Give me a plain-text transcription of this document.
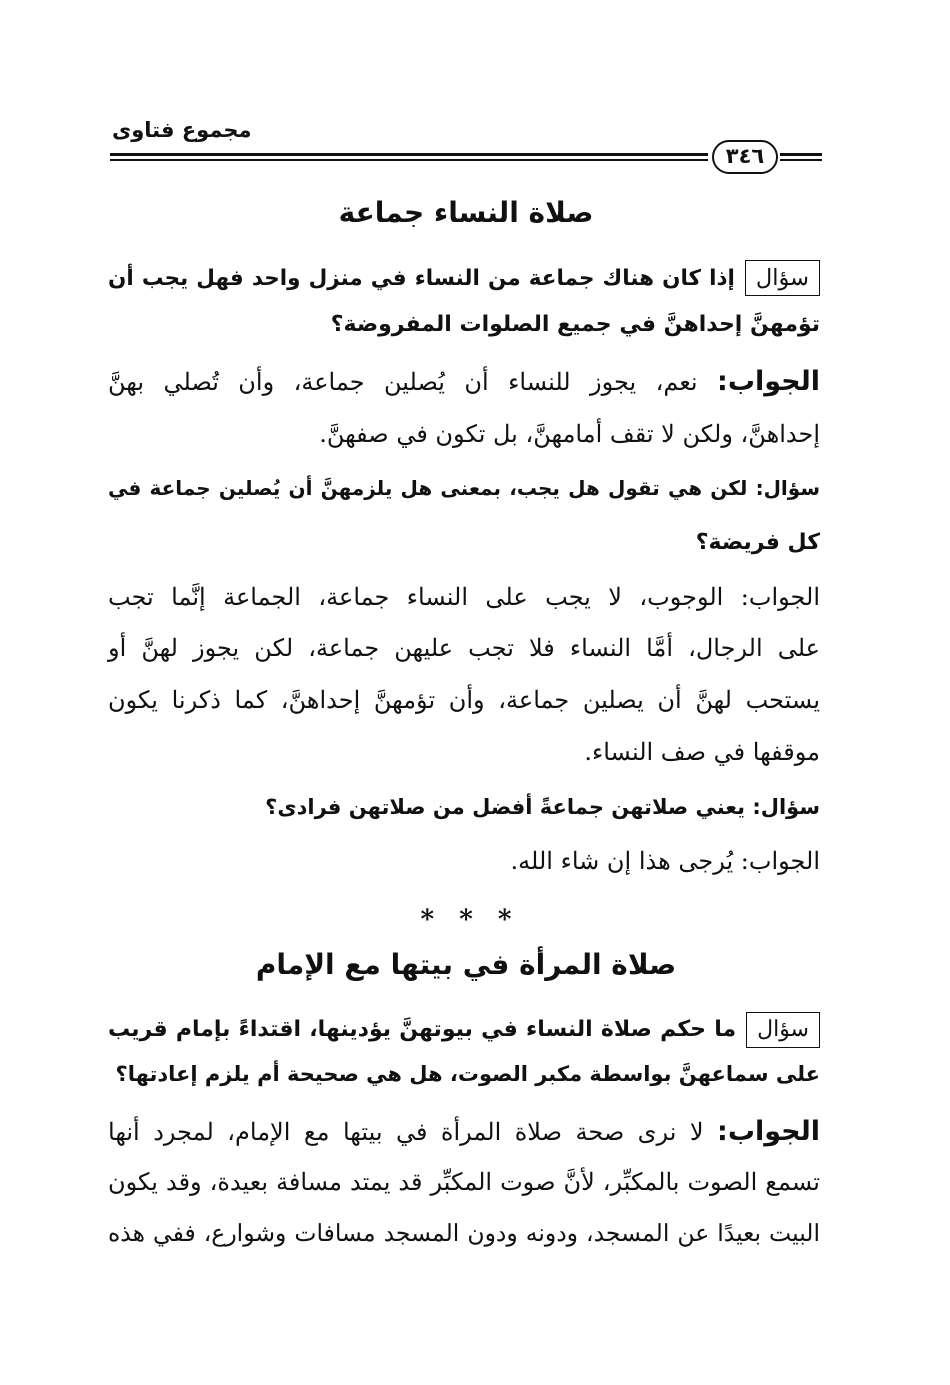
مجموع فتاوى
٣٤٦
صلاة النساء جماعة
سؤالإذا كان هناك جماعة من النساء في منزل واحد فهل يجب أن
تؤمهنَّ إحداهنَّ في جميع الصلوات المفروضة؟
الجواب: نعم، يجوز للنساء أن يُصلين جماعة، وأن تُصلي بهنَّ
إحداهنَّ، ولكن لا تقف أمامهنَّ، بل تكون في صفهنَّ.
سؤال: لكن هي تقول هل يجب، بمعنى هل يلزمهنَّ أن يُصلين جماعة في
كل فريضة؟
الجواب: الوجوب، لا يجب على النساء جماعة، الجماعة إنَّما تجب
على الرجال، أمَّا النساء فلا تجب عليهن جماعة، لكن يجوز لهنَّ أو
يستحب لهنَّ أن يصلين جماعة، وأن تؤمهنَّ إحداهنَّ، كما ذكرنا يكون
موقفها في صف النساء.
سؤال: يعني صلاتهن جماعةً أفضل من صلاتهن فرادى؟
الجواب: يُرجى هذا إن شاء الله.
* * *
صلاة المرأة في بيتها مع الإمام
سؤالما حكم صلاة النساء في بيوتهنَّ يؤدينها، اقتداءً بإمام قريب
على سماعهنَّ بواسطة مكبر الصوت، هل هي صحيحة أم يلزم إعادتها؟
الجواب: لا نرى صحة صلاة المرأة في بيتها مع الإمام، لمجرد أنها
تسمع الصوت بالمكبِّر، لأنَّ صوت المكبِّر قد يمتد مسافة بعيدة، وقد يكون
البيت بعيدًا عن المسجد، ودونه ودون المسجد مسافات وشوارع، ففي هذه
